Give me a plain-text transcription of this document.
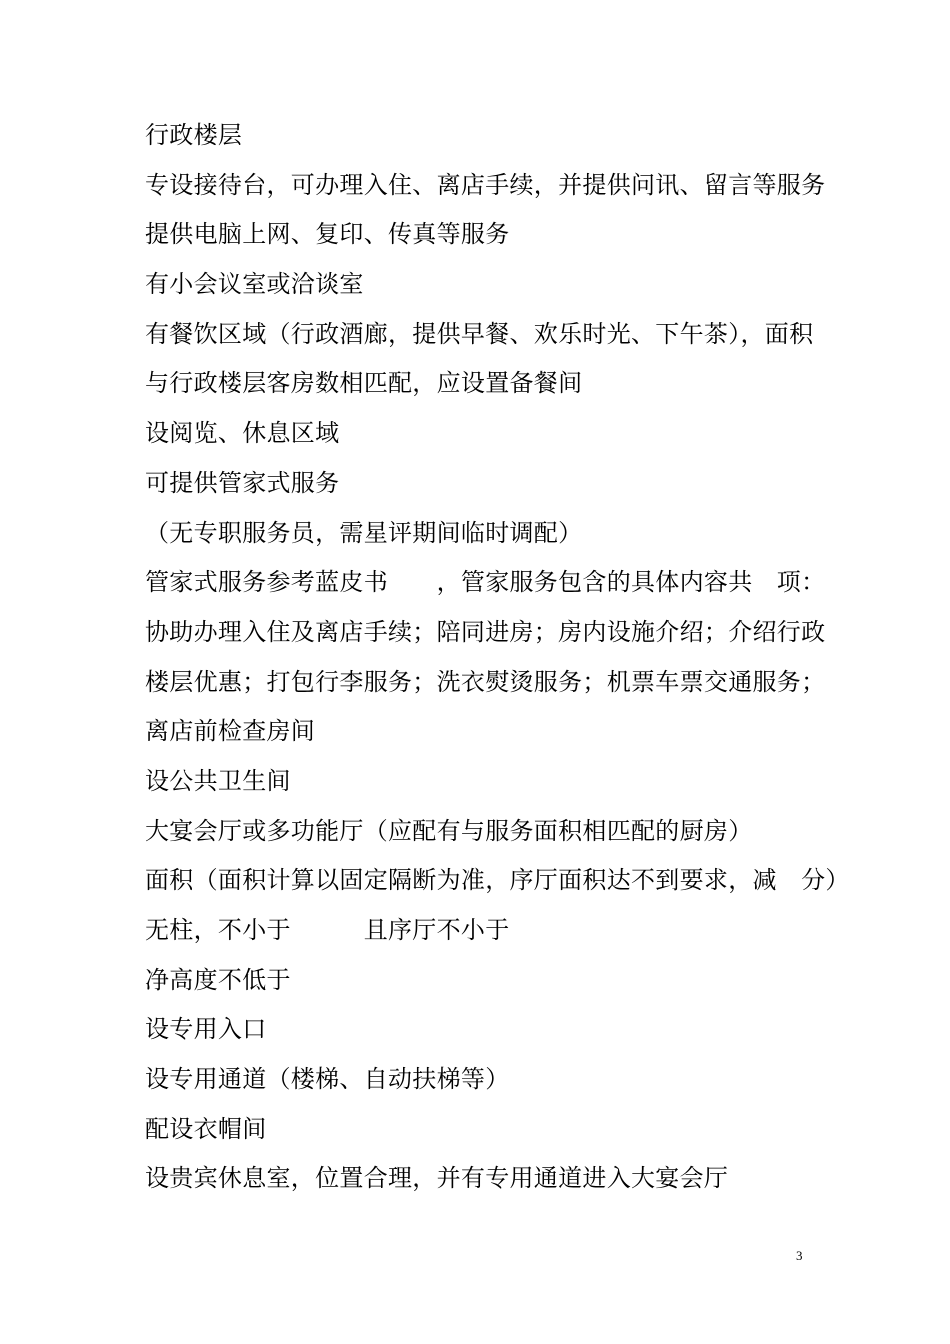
行政楼层
专设接待台，可办理入住、离店手续，并提供问讯、留言等服务
提供电脑上网、复印、传真等服务
有小会议室或洽谈室
有餐饮区域（行政酒廊，提供早餐、欢乐时光、下午茶），面积
与行政楼层客房数相匹配，应设置备餐间
设阅览、休息区域
可提供管家式服务
（无专职服务员，需星评期间临时调配）
管家式服务参考蓝皮书　　，管家服务包含的具体内容共　项：
协助办理入住及离店手续；陪同进房；房内设施介绍；介绍行政
楼层优惠；打包行李服务；洗衣熨烫服务；机票车票交通服务；
离店前检查房间
设公共卫生间
大宴会厅或多功能厅（应配有与服务面积相匹配的厨房）
面积（面积计算以固定隔断为准，序厅面积达不到要求，减　分）
无柱，不小于　　　且序厅不小于
净高度不低于
设专用入口
设专用通道（楼梯、自动扶梯等）
配设衣帽间
设贵宾休息室，位置合理，并有专用通道进入大宴会厅
3
